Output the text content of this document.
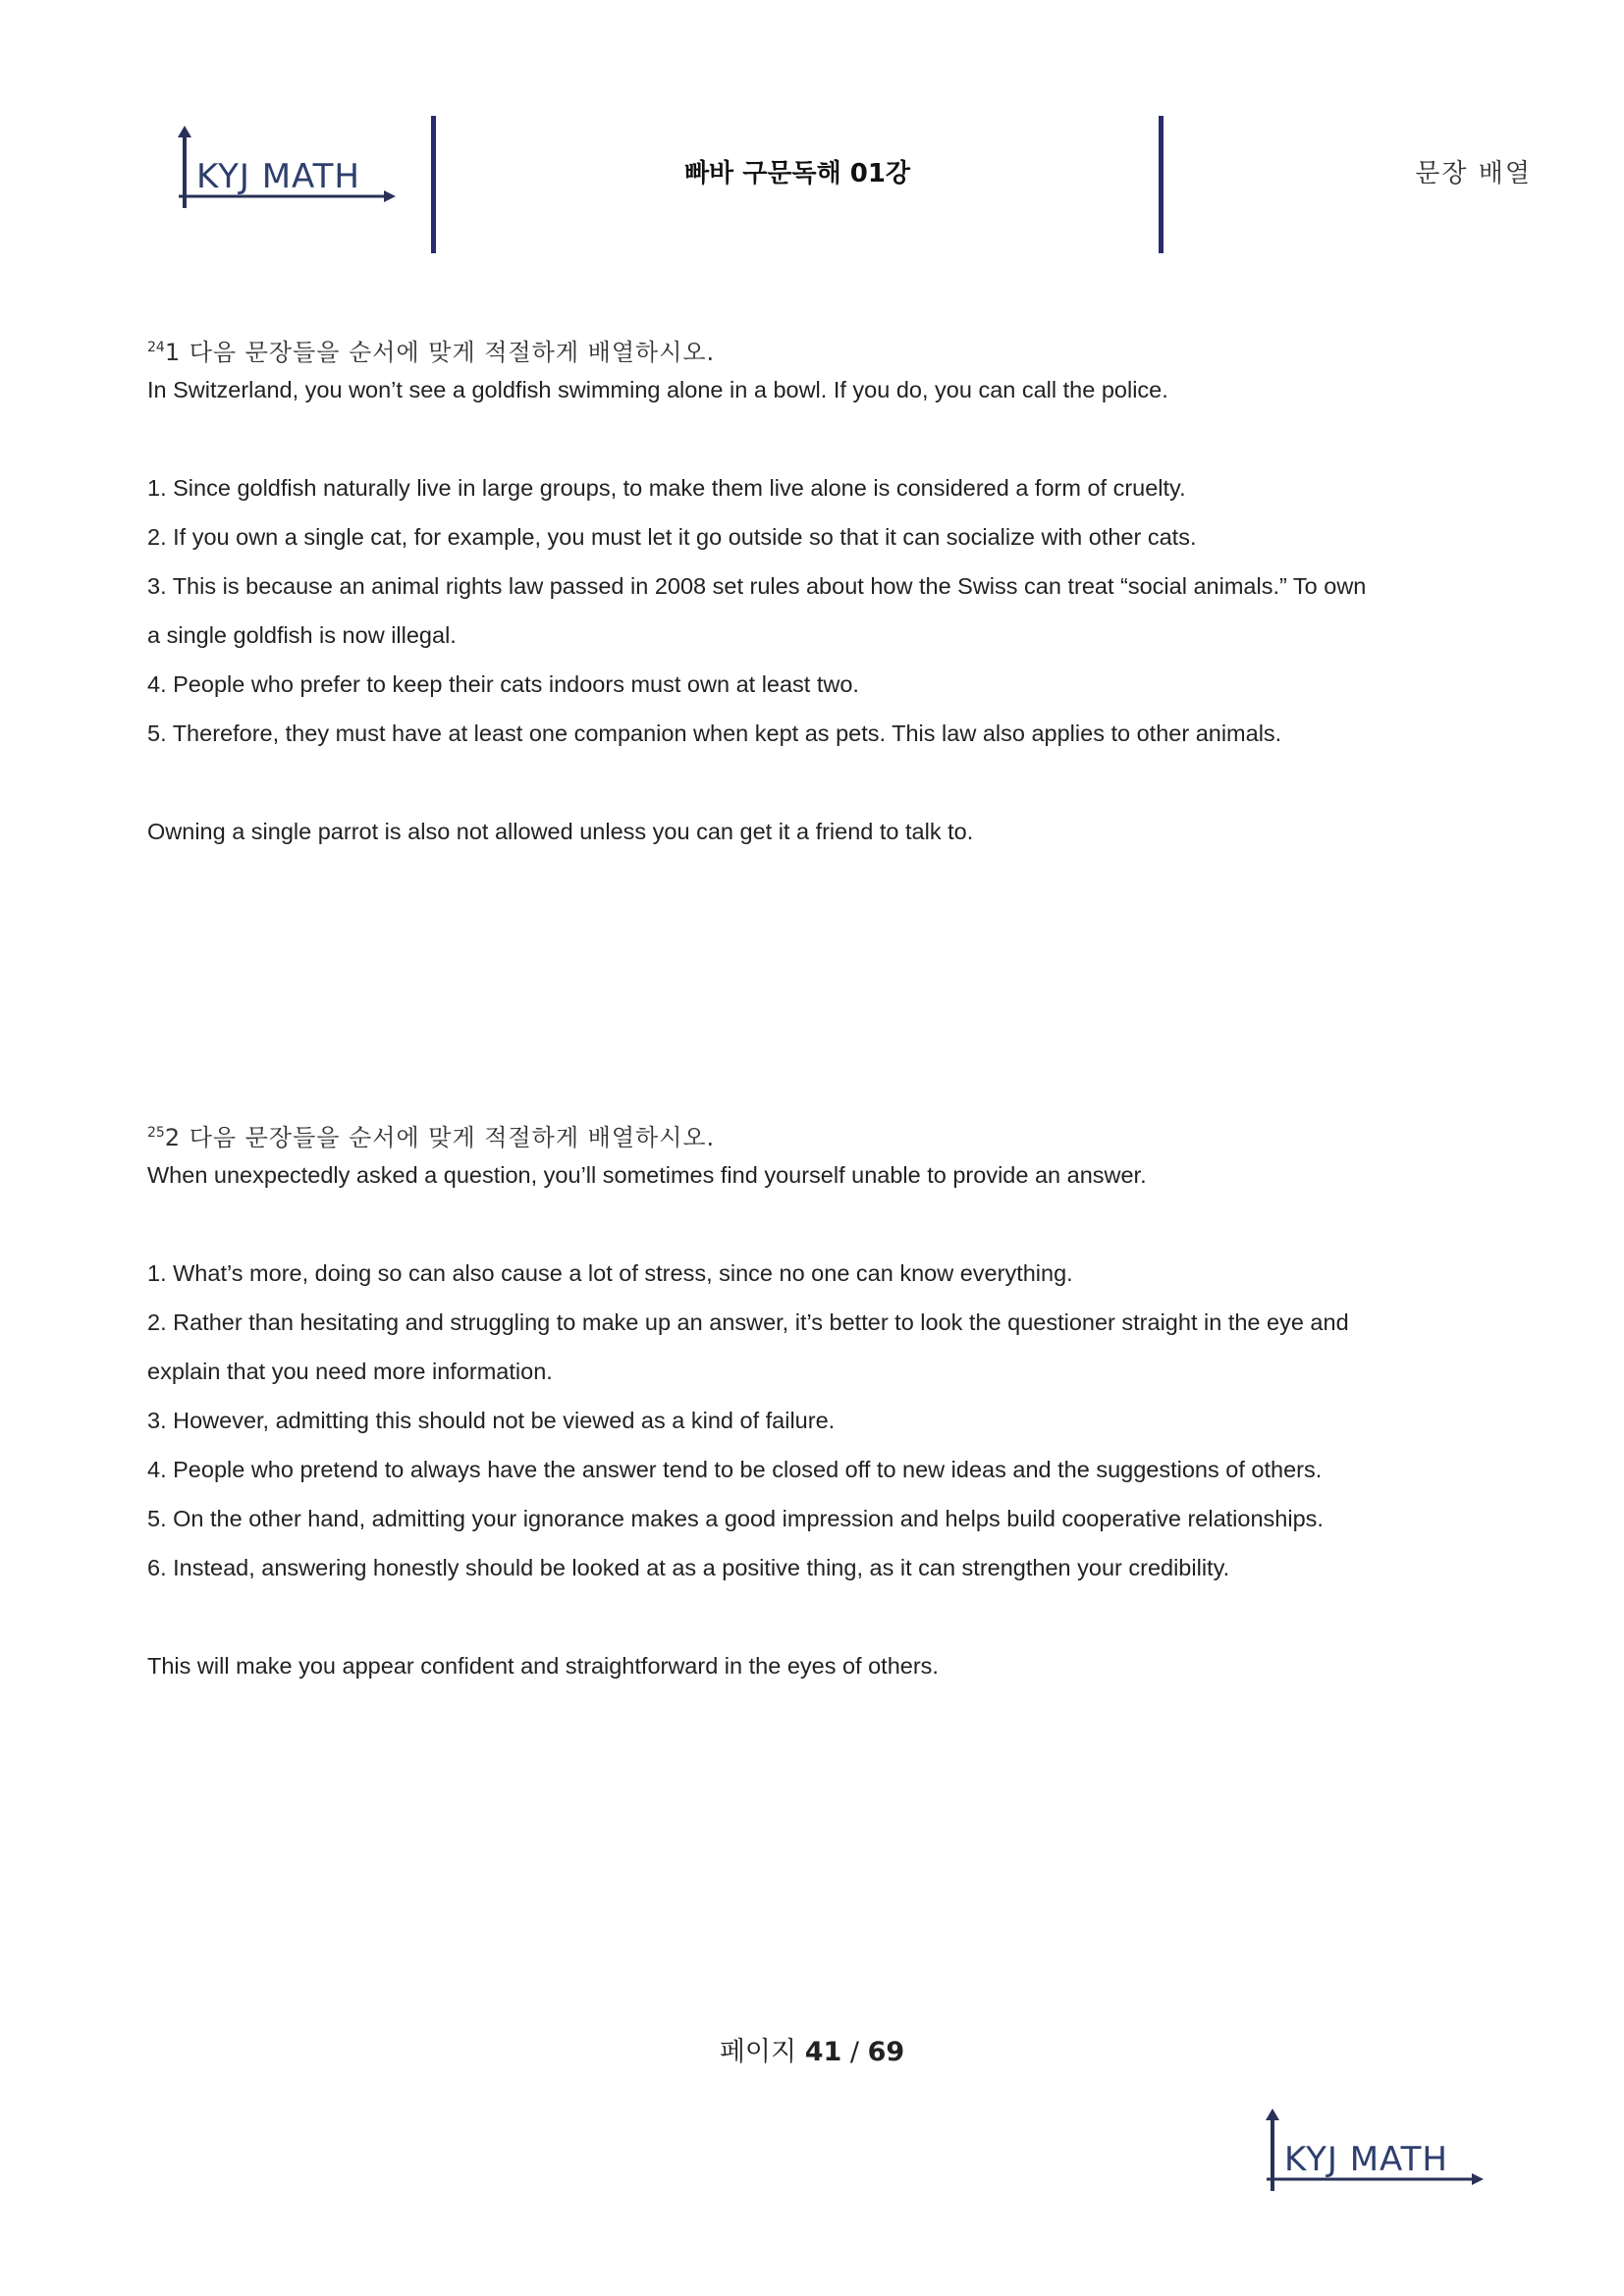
KYJ MATH	빠바 구문독해 01강	문장 배열
$^{24}$1 다음 문장들을 순서에 맞게 적절하게 배열하시오.
In Switzerland, you won’t see a goldfish swimming alone in a bowl. If you do, you can call the police.
1. Since goldfish naturally live in large groups, to make them live alone is considered a form of cruelty.
2. If you own a single cat, for example, you must let it go outside so that it can socialize with other cats.
3. This is because an animal rights law passed in 2008 set rules about how the Swiss can treat “social animals.” To own
a single goldfish is now illegal.
4. People who prefer to keep their cats indoors must own at least two.
5. Therefore, they must have at least one companion when kept as pets. This law also applies to other animals.
Owning a single parrot is also not allowed unless you can get it a friend to talk to.
$^{25}$2 다음 문장들을 순서에 맞게 적절하게 배열하시오.
When unexpectedly asked a question, you’ll sometimes find yourself unable to provide an answer.
1. What’s more, doing so can also cause a lot of stress, since no one can know everything.
2. Rather than hesitating and struggling to make up an answer, it’s better to look the questioner straight in the eye and
explain that you need more information.
3. However, admitting this should not be viewed as a kind of failure.
4. People who pretend to always have the answer tend to be closed off to new ideas and the suggestions of others.
5. On the other hand, admitting your ignorance makes a good impression and helps build cooperative relationships.
6. Instead, answering honestly should be looked at as a positive thing, as it can strengthen your credibility.
This will make you appear confident and straightforward in the eyes of others.
페이지 41 / 69
KYJ MATH
